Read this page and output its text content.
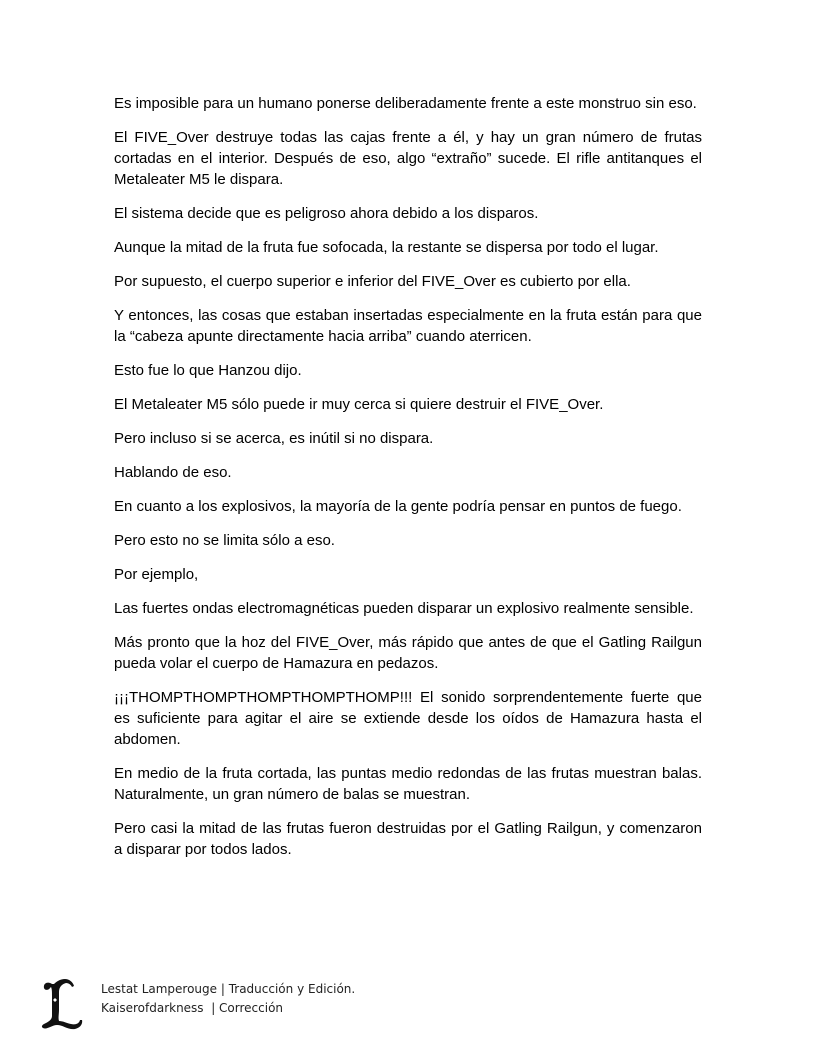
Es imposible para un humano ponerse deliberadamente frente a este monstruo sin eso.

El FIVE_Over destruye todas las cajas frente a él, y hay un gran número de frutas cortadas en el interior. Después de eso, algo “extraño” sucede. El rifle antitanques el Metaleater M5 le dispara.

El sistema decide que es peligroso ahora debido a los disparos.

Aunque la mitad de la fruta fue sofocada, la restante se dispersa por todo el lugar.

Por supuesto, el cuerpo superior e inferior del FIVE_Over es cubierto por ella.

Y entonces, las cosas que estaban insertadas especialmente en la fruta están para que la “cabeza apunte directamente hacia arriba” cuando aterricen.

Esto fue lo que Hanzou dijo.

El Metaleater M5 sólo puede ir muy cerca si quiere destruir el FIVE_Over.

Pero incluso si se acerca, es inútil si no dispara.

Hablando de eso.

En cuanto a los explosivos, la mayoría de la gente podría pensar en puntos de fuego.

Pero esto no se limita sólo a eso.

Por ejemplo,

Las fuertes ondas electromagnéticas pueden disparar un explosivo realmente sensible.

Más pronto que la hoz del FIVE_Over, más rápido que antes de que el Gatling Railgun pueda volar el cuerpo de Hamazura en pedazos.

¡¡¡THOMPTHOMPTHOMPTHOMPTHOMP!!! El sonido sorprendentemente fuerte que es suficiente para agitar el aire se extiende desde los oídos de Hamazura hasta el abdomen.

En medio de la fruta cortada, las puntas medio redondas de las frutas muestran balas. Naturalmente, un gran número de balas se muestran.

Pero casi la mitad de las frutas fueron destruidas por el Gatling Railgun, y comenzaron a disparar por todos lados.

Lestat Lamperouge | Traducción y Edición.
Kaiserofdarkness  | Corrección
